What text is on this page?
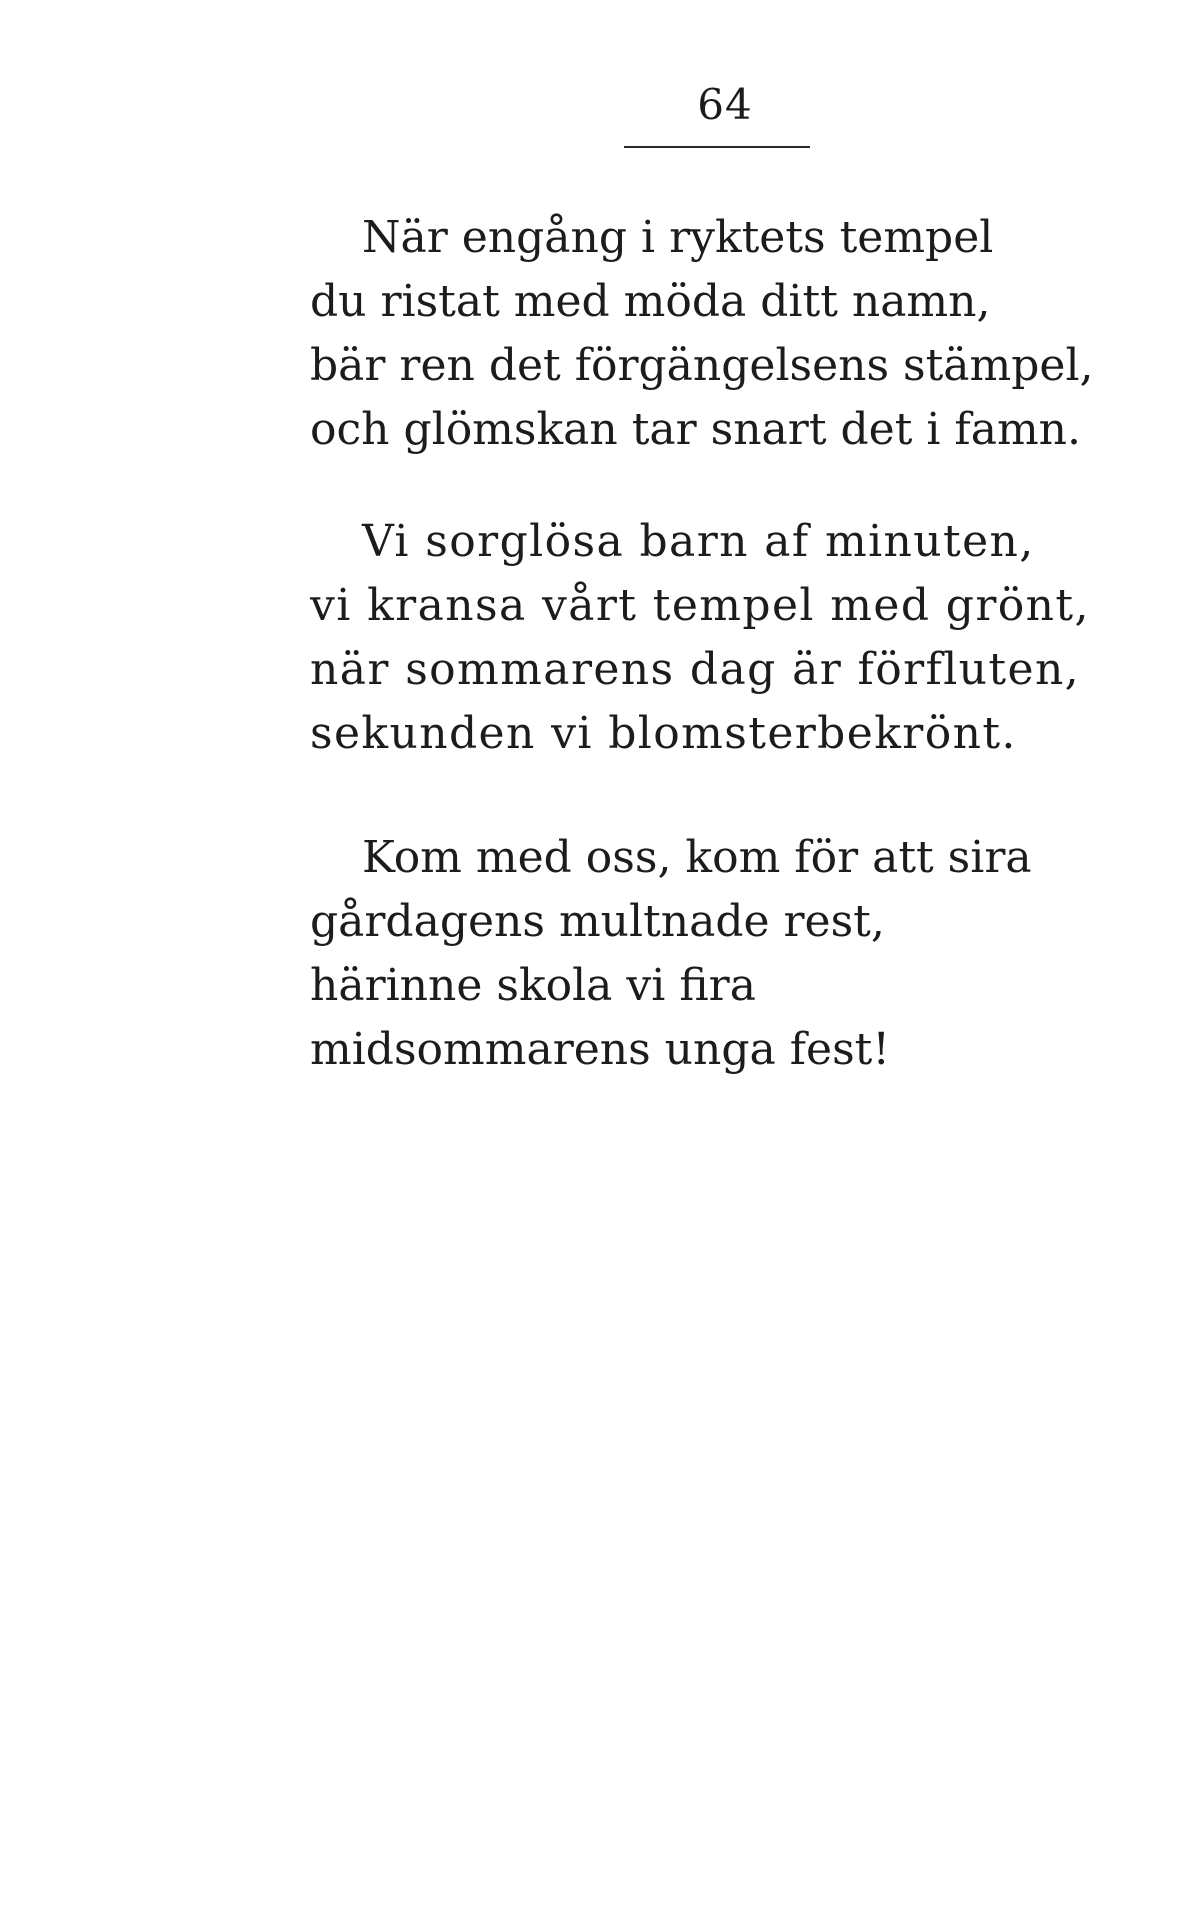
64
När engång i ryktets tempel
du ristat med möda ditt namn,
bär ren det förgängelsens stämpel,
och glömskan tar snart det i famn.
Vi sorglösa barn af minuten,
vi kransa vårt tempel med grönt,
när sommarens dag är förfluten,
sekunden vi blomsterbekrönt.
Kom med oss, kom för att sira
gårdagens multnade rest,
härinne skola vi fira
midsommarens unga fest!
